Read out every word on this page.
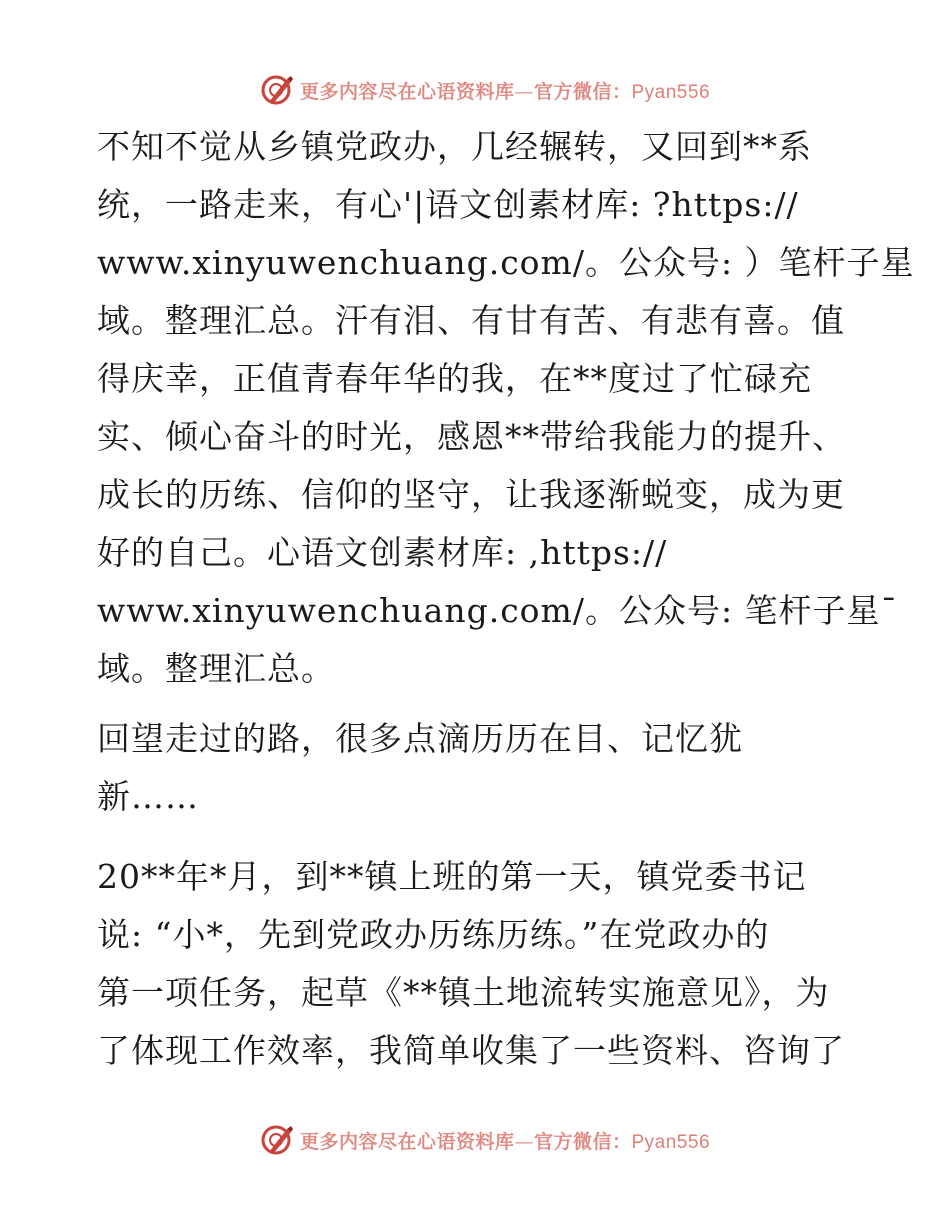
更多内容尽在心语资料库—官方微信：Pyan556

不知不觉从乡镇党政办，几经辗转，又回到**系
统，一路走来，有心'|语文创素材库: ?https://
www.xinyuwenchuang.com/。公众号: ）笔杆子星
域。整理汇总。汗有泪、有甘有苦、有悲有喜。值
得庆幸，正值青春年华的我，在**度过了忙碌充
实、倾心奋斗的时光，感恩**带给我能力的提升、
成长的历练、信仰的坚守，让我逐渐蜕变，成为更
好的自己。心语文创素材库: ,https://
www.xinyuwenchuang.com/。公众号: 笔杆子星¯
域。整理汇总。

回望走过的路，很多点滴历历在目、记忆犹
新……

20**年*月，到**镇上班的第一天，镇党委书记
说: “小*，先到党政办历练历练。”在党政办的
第一项任务，起草《**镇土地流转实施意见》，为
了体现工作效率，我简单收集了一些资料、咨询了

更多内容尽在心语资料库—官方微信：Pyan556
